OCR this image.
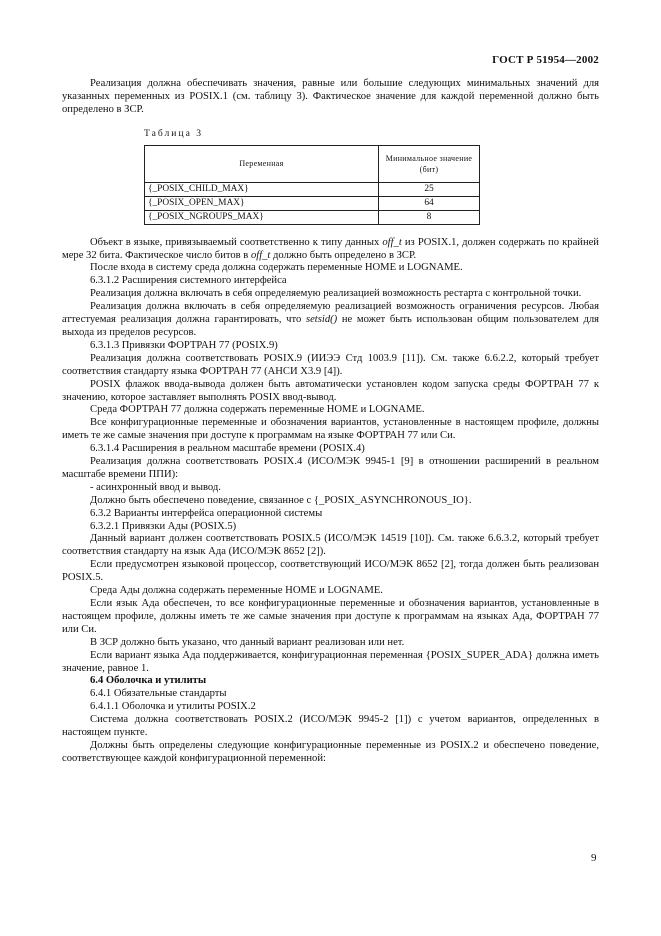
ГОСТ Р 51954—2002

Реализация должна обеспечивать значения, равные или большие следующих минимальных значений для указанных переменных из POSIX.1 (см. таблицу 3). Фактическое значение для каждой переменной должно быть определено в ЗСР.

Таблица 3
Переменная	Минимальное значение (бит)
{_POSIX_CHILD_MAX}	25
{_POSIX_OPEN_MAX}	64
{_POSIX_NGROUPS_MAX}	8

Объект в языке, привязываемый соответственно к типу данных off_t из POSIX.1, должен содержать по крайней мере 32 бита. Фактическое число битов в off_t должно быть определено в ЗСР.

После входа в систему среда должна содержать переменные HOME и LOGNAME.

6.3.1.2 Расширения системного интерфейса

Реализация должна включать в себя определяемую реализацией возможность рестарта с контрольной точки.

Реализация должна включать в себя определяемую реализацией возможность ограничения ресурсов. Любая аттестуемая реализация должна гарантировать, что setsid() не может быть использован общим пользователем для выхода из пределов ресурсов.

6.3.1.3 Привязки ФОРТРАН 77 (POSIX.9)

Реализация должна соответствовать POSIX.9 (ИИЭЭ Стд 1003.9 [11]). См. также 6.6.2.2, который требует соответствия стандарту языка ФОРТРАН 77 (АНСИ X3.9 [4]).

POSIX флажок ввода-вывода должен быть автоматически установлен кодом запуска среды ФОРТРАН 77 к значению, которое заставляет выполнять POSIX ввод-вывод.

Среда ФОРТРАН 77 должна содержать переменные HOME и LOGNAME.

Все конфигурационные переменные и обозначения вариантов, установленные в настоящем профиле, должны иметь те же самые значения при доступе к программам на языке ФОРТРАН 77 или Си.

6.3.1.4 Расширения в реальном масштабе времени (POSIX.4)

Реализация должна соответствовать POSIX.4 (ИСО/МЭК 9945-1 [9] в отношении расширений в реальном масштабе времени ППИ):

- асинхронный ввод и вывод.

Должно быть обеспечено поведение, связанное с {_POSIX_ASYNCHRONOUS_IO}.

6.3.2 Варианты интерфейса операционной системы

6.3.2.1 Привязки Ады (POSIX.5)

Данный вариант должен соответствовать POSIX.5 (ИСО/МЭК 14519 [10]). См. также 6.6.3.2, который требует соответствия стандарту на язык Ада (ИСО/МЭК 8652 [2]).

Если предусмотрен языковой процессор, соответствующий ИСО/МЭК 8652 [2], тогда должен быть реализован POSIX.5.

Среда Ады должна содержать переменные HOME и LOGNAME.

Если язык Ада обеспечен, то все конфигурационные переменные и обозначения вариантов, установленные в настоящем профиле, должны иметь те же самые значения при доступе к программам на языках Ада, ФОРТРАН 77 или Си.

В ЗСР должно быть указано, что данный вариант реализован или нет.

Если вариант языка Ада поддерживается, конфигурационная переменная {POSIX_SUPER_ADA} должна иметь значение, равное 1.

6.4 Оболочка и утилиты

6.4.1 Обязательные стандарты

6.4.1.1 Оболочка и утилиты POSIX.2

Система должна соответствовать POSIX.2 (ИСО/МЭК 9945-2 [1]) с учетом вариантов, определенных в настоящем пункте.

Должны быть определены следующие конфигурационные переменные из POSIX.2 и обеспечено поведение, соответствующее каждой конфигурационной переменной:

9
